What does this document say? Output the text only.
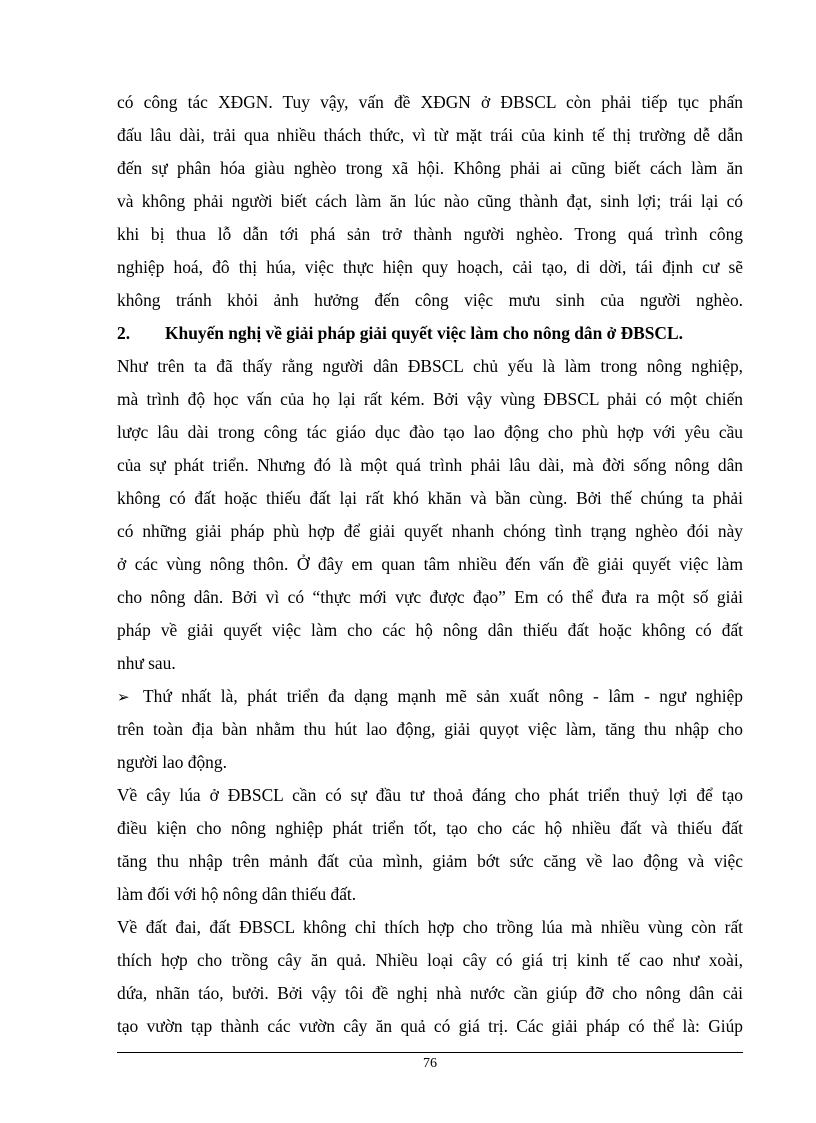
có công tác XĐGN. Tuy vậy, vấn đề XĐGN ở ĐBSCL còn phải tiếp tục phấn
đấu lâu dài, trải qua nhiều thách thức, vì từ mặt trái của kinh tế thị trường dễ dẫn
đến sự phân hóa giàu nghèo trong xã hội. Không phải ai cũng biết cách làm ăn
và không phải người biết cách làm ăn lúc nào cũng thành đạt, sinh lợi; trái lại có
khi bị thua lỗ dẫn tới phá sản trở thành người nghèo. Trong quá trình công
nghiệp hoá, đô thị húa, việc thực hiện quy hoạch, cải tạo, di dời, tái định cư sẽ
không tránh khỏi ảnh hưởng đến công việc mưu sinh của người nghèo.
2. Khuyến nghị về giải pháp giải quyết việc làm cho nông dân ở ĐBSCL.
Như trên ta đã thấy rằng người dân ĐBSCL chủ yếu là làm trong nông nghiệp,
mà trình độ học vấn của họ lại rất kém. Bởi vậy vùng ĐBSCL phải có một chiến
lược lâu dài trong công tác giáo dục đào tạo lao động cho phù hợp với yêu cầu
của sự phát triển. Nhưng đó là một quá trình phải lâu dài, mà đời sống nông dân
không có đất hoặc thiếu đất lại rất khó khăn và bần cùng. Bởi thế chúng ta phải
có những giải pháp phù hợp để giải quyết nhanh chóng tình trạng nghèo đói này
ở các vùng nông thôn. Ở đây em quan tâm nhiều đến vấn đề giải quyết việc làm
cho nông dân. Bởi vì có “thực mới vực được đạo” Em có thể đưa ra một số giải
pháp về giải quyết việc làm cho các hộ nông dân thiếu đất hoặc không có đất
như sau.
➢ Thứ nhất là, phát triển đa dạng mạnh mẽ sản xuất nông - lâm - ngư nghiệp
trên toàn địa bàn nhằm thu hút lao động, giải quyọt việc làm, tăng thu nhập cho
người lao động.
Về cây lúa ở ĐBSCL cần có sự đầu tư thoả đáng cho phát triển thuỷ lợi để tạo
điều kiện cho nông nghiệp phát triển tốt, tạo cho các hộ nhiều đất và thiếu đất
tăng thu nhập trên mảnh đất của mình, giảm bớt sức căng về lao động và việc
làm đối với hộ nông dân thiếu đất.
Về đất đai, đất ĐBSCL không chỉ thích hợp cho trồng lúa mà nhiều vùng còn rất
thích hợp cho trồng cây ăn quả. Nhiều loại cây có giá trị kinh tế cao như xoài,
dứa, nhãn táo, bưởi. Bởi vậy tôi đề nghị nhà nước cần giúp đỡ cho nông dân cải
tạo vườn tạp thành các vườn cây ăn quả có giá trị. Các giải pháp có thể là: Giúp
76
